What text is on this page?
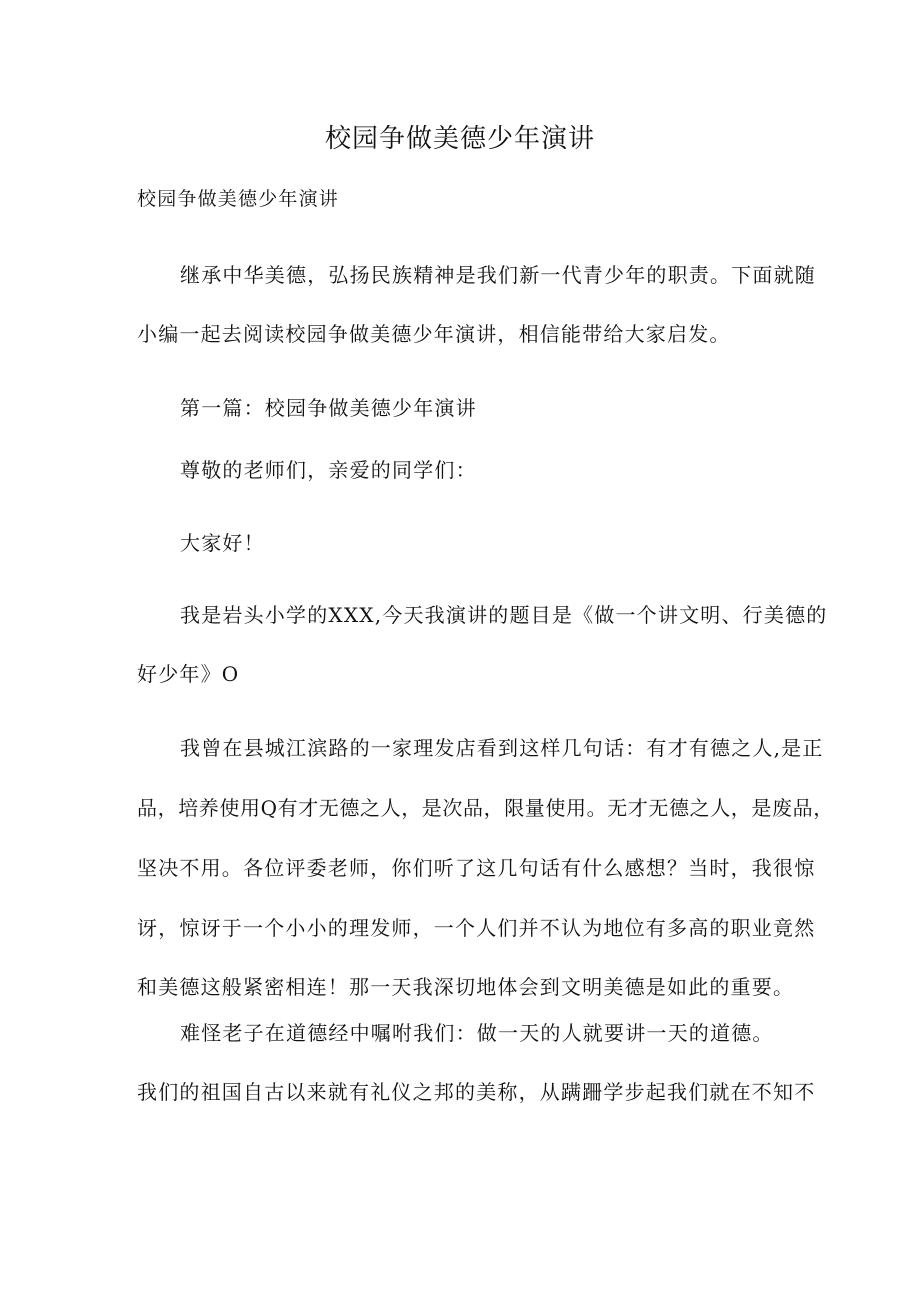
校园争做美德少年演讲
校园争做美德少年演讲
继承中华美德，弘扬民族精神是我们新一代青少年的职责。下面就随
小编一起去阅读校园争做美德少年演讲，相信能带给大家启发。
第一篇：校园争做美德少年演讲
尊敬的老师们，亲爱的同学们：
大家好！
我是岩头小学的XXX,今天我演讲的题目是《做一个讲文明、行美德的
好少年》O
我曾在县城江滨路的一家理发店看到这样几句话：有才有德之人,是正
品，培养使用Q有才无德之人，是次品，限量使用。无才无德之人，是废品，
坚决不用。各位评委老师，你们听了这几句话有什么感想？当时，我很惊
讶，惊讶于一个小小的理发师，一个人们并不认为地位有多高的职业竟然
和美德这般紧密相连！那一天我深切地体会到文明美德是如此的重要。
难怪老子在道德经中嘱咐我们：做一天的人就要讲一天的道德。
我们的祖国自古以来就有礼仪之邦的美称，从蹒跚学步起我们就在不知不
